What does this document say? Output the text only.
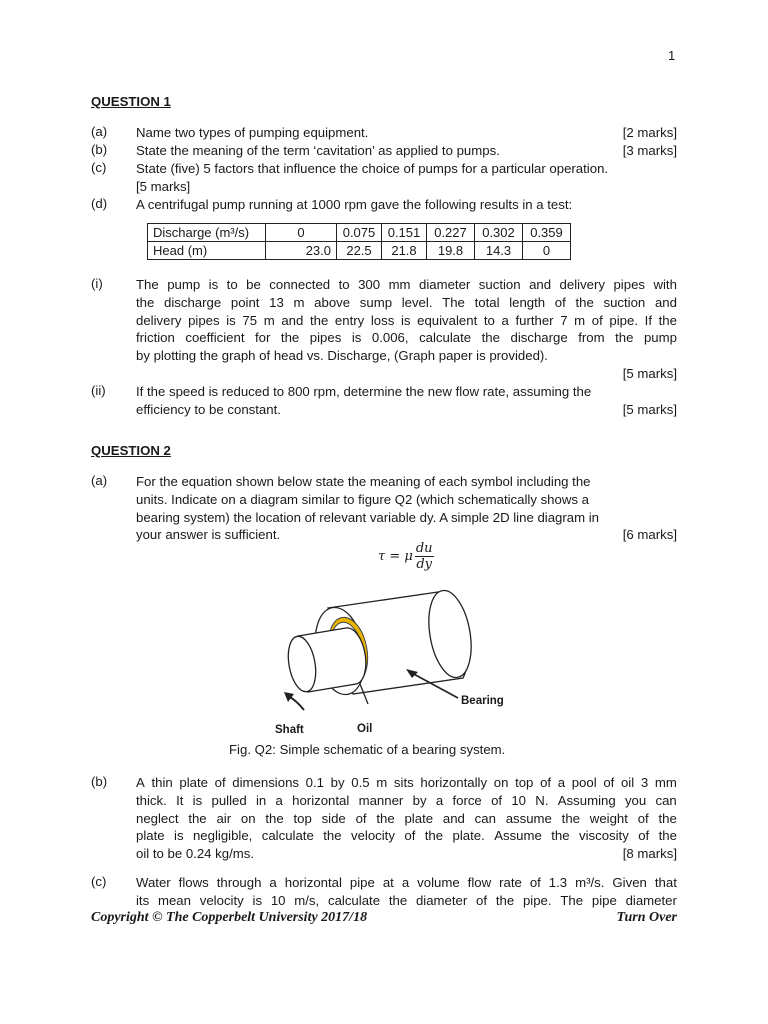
1
QUESTION 1
(a) Name two types of pumping equipment.	[2 marks]
(b) State the meaning of the term ‘cavitation’ as applied to pumps.	[3 marks]
(c) State (five) 5 factors that influence the choice of pumps for a particular operation.
[5 marks]
(d) A centrifugal pump running at 1000 rpm gave the following results in a test:
Discharge (m³/s)	0	0.075	0.151	0.227	0.302	0.359
Head (m)	23.0	22.5	21.8	19.8	14.3	0
(i)	The pump is to be connected to 300 mm diameter suction and delivery pipes with
the discharge point 13 m above sump level. The total length of the suction and
delivery pipes is 75 m and the entry loss is equivalent to a further 7 m of pipe. If the
friction coefficient for the pipes is 0.006, calculate the discharge from the pump
by plotting the graph of head vs. Discharge, (Graph paper is provided).
[5 marks]
(ii) If the speed is reduced to 800 rpm, determine the new flow rate, assuming the
efficiency to be constant.	[5 marks]
QUESTION 2
(a) For the equation shown below state the meaning of each symbol including the
units. Indicate on a diagram similar to figure Q2 (which schematically shows a
bearing system) the location of relevant variable dy. A simple 2D line diagram in
your answer is sufficient.	[6 marks]
τ = μ $\frac{du}{dy}$
Bearing
Shaft	Oil
Fig. Q2: Simple schematic of a bearing system.
(b) A thin plate of dimensions 0.1 by 0.5 m sits horizontally on top of a pool of oil 3 mm
thick. It is pulled in a horizontal manner by a force of 10 N. Assuming you can
neglect the air on the top side of the plate and can assume the weight of the
plate is negligible, calculate the velocity of the plate. Assume the viscosity of the
oil to be 0.24 kg/ms.	[8 marks]
(c) Water flows through a horizontal pipe at a volume flow rate of 1.3 m³/s. Given that
its mean velocity is 10 m/s, calculate the diameter of the pipe. The pipe diameter
Copyright © The Copperbelt University 2017/18	Turn Over
